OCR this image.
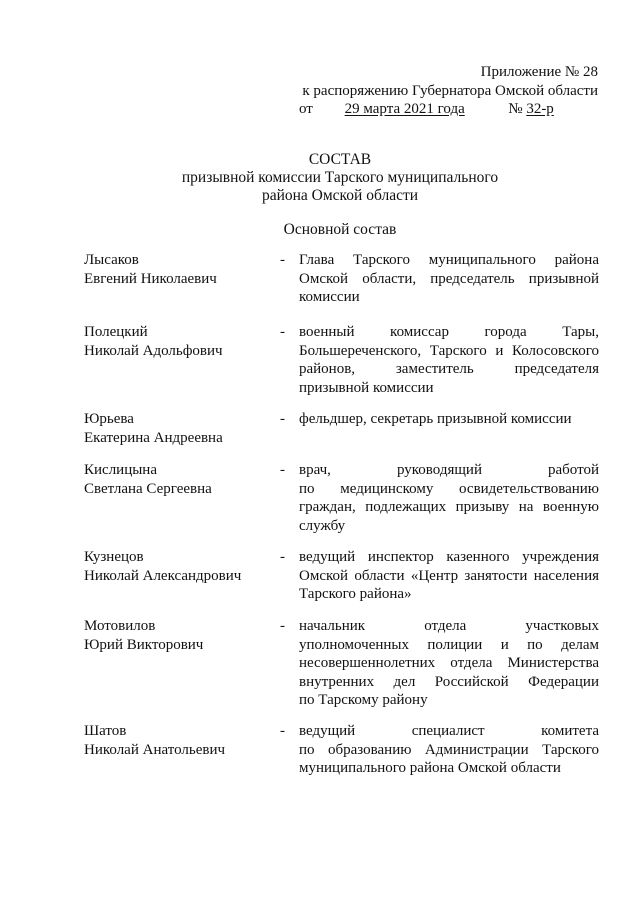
Приложение № 28
к распоряжению Губернатора Омской области
от 29 марта 2021 года	№ 32-р
СОСТАВ
призывной комиссии Тарского муниципального
района Омской области
Основной состав
Лысаков
Евгений Николаевич
- Глава Тарского муниципального района
Омской области, председатель призывной
комиссии
Полецкий
Николай Адольфович
- военный комиссар города Тары,
Большереченского, Тарского и Колосовского
районов, заместитель председателя
призывной комиссии
Юрьева
Екатерина Андреевна
- фельдшер, секретарь призывной комиссии
Кислицына
Светлана Сергеевна
- врач, руководящий работой
по медицинскому освидетельствованию
граждан, подлежащих призыву на военную
службу
Кузнецов
Николай Александрович
- ведущий инспектор казенного учреждения
Омской области «Центр занятости населения
Тарского района»
Мотовилов
Юрий Викторович
- начальник отдела участковых
уполномоченных полиции и по делам
несовершеннолетних отдела Министерства
внутренних дел Российской Федерации
по Тарскому району
Шатов
Николай Анатольевич
- ведущий специалист комитета
по образованию Администрации Тарского
муниципального района Омской области
